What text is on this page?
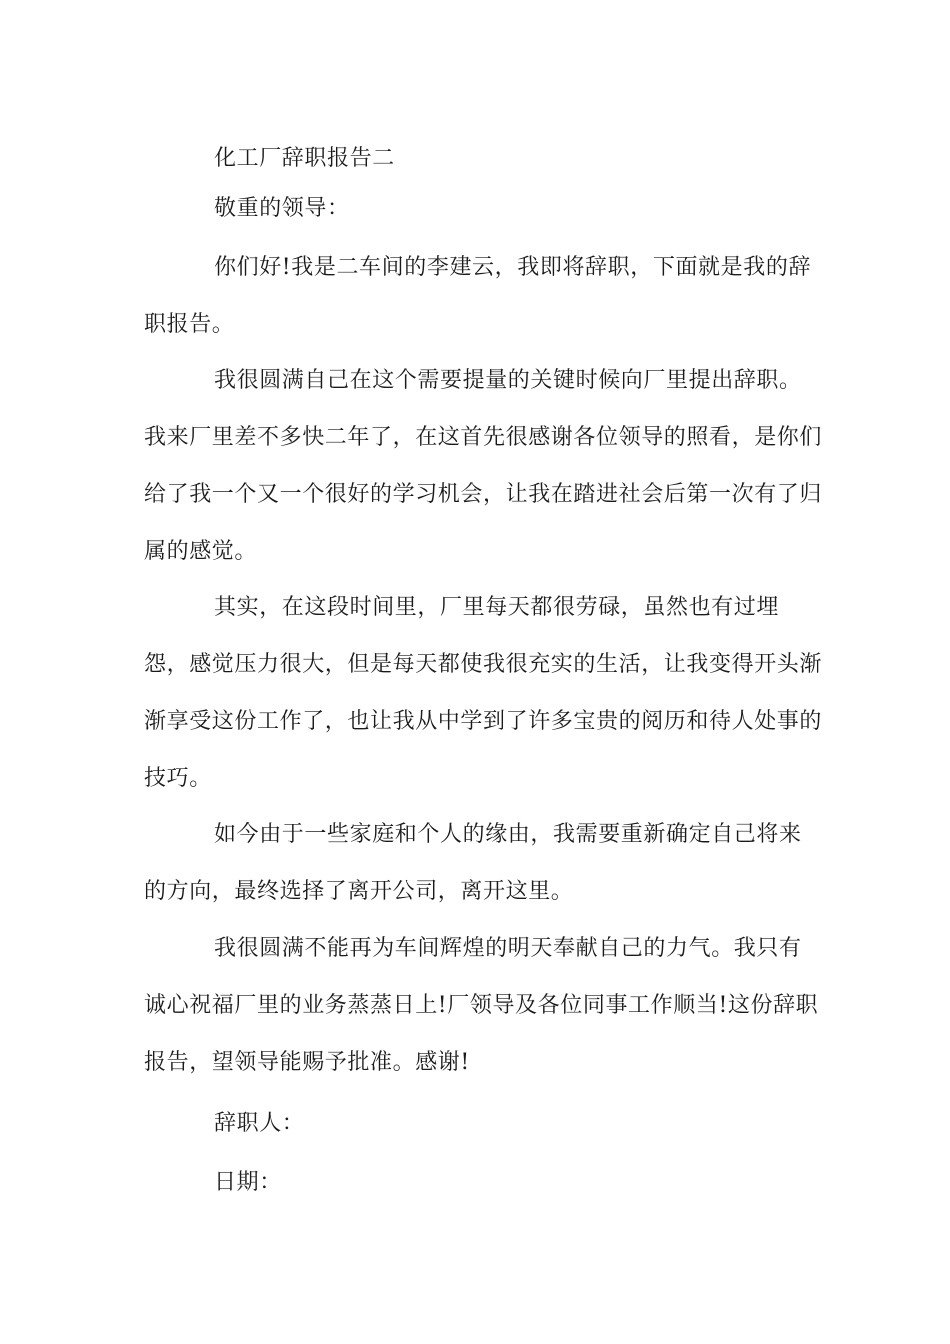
化工厂辞职报告二

敬重的领导：

你们好!我是二车间的李建云，我即将辞职，下面就是我的辞职报告。

我很圆满自己在这个需要提量的关键时候向厂里提出辞职。我来厂里差不多快二年了，在这首先很感谢各位领导的照看，是你们给了我一个又一个很好的学习机会，让我在踏进社会后第一次有了归属的感觉。

其实，在这段时间里，厂里每天都很劳碌，虽然也有过埋怨，感觉压力很大，但是每天都使我很充实的生活，让我变得开头渐渐享受这份工作了，也让我从中学到了许多宝贵的阅历和待人处事的技巧。

如今由于一些家庭和个人的缘由，我需要重新确定自己将来的方向，最终选择了离开公司，离开这里。

我很圆满不能再为车间辉煌的明天奉献自己的力气。我只有诚心祝福厂里的业务蒸蒸日上!厂领导及各位同事工作顺当!这份辞职报告，望领导能赐予批准。感谢!

辞职人：

日期：
